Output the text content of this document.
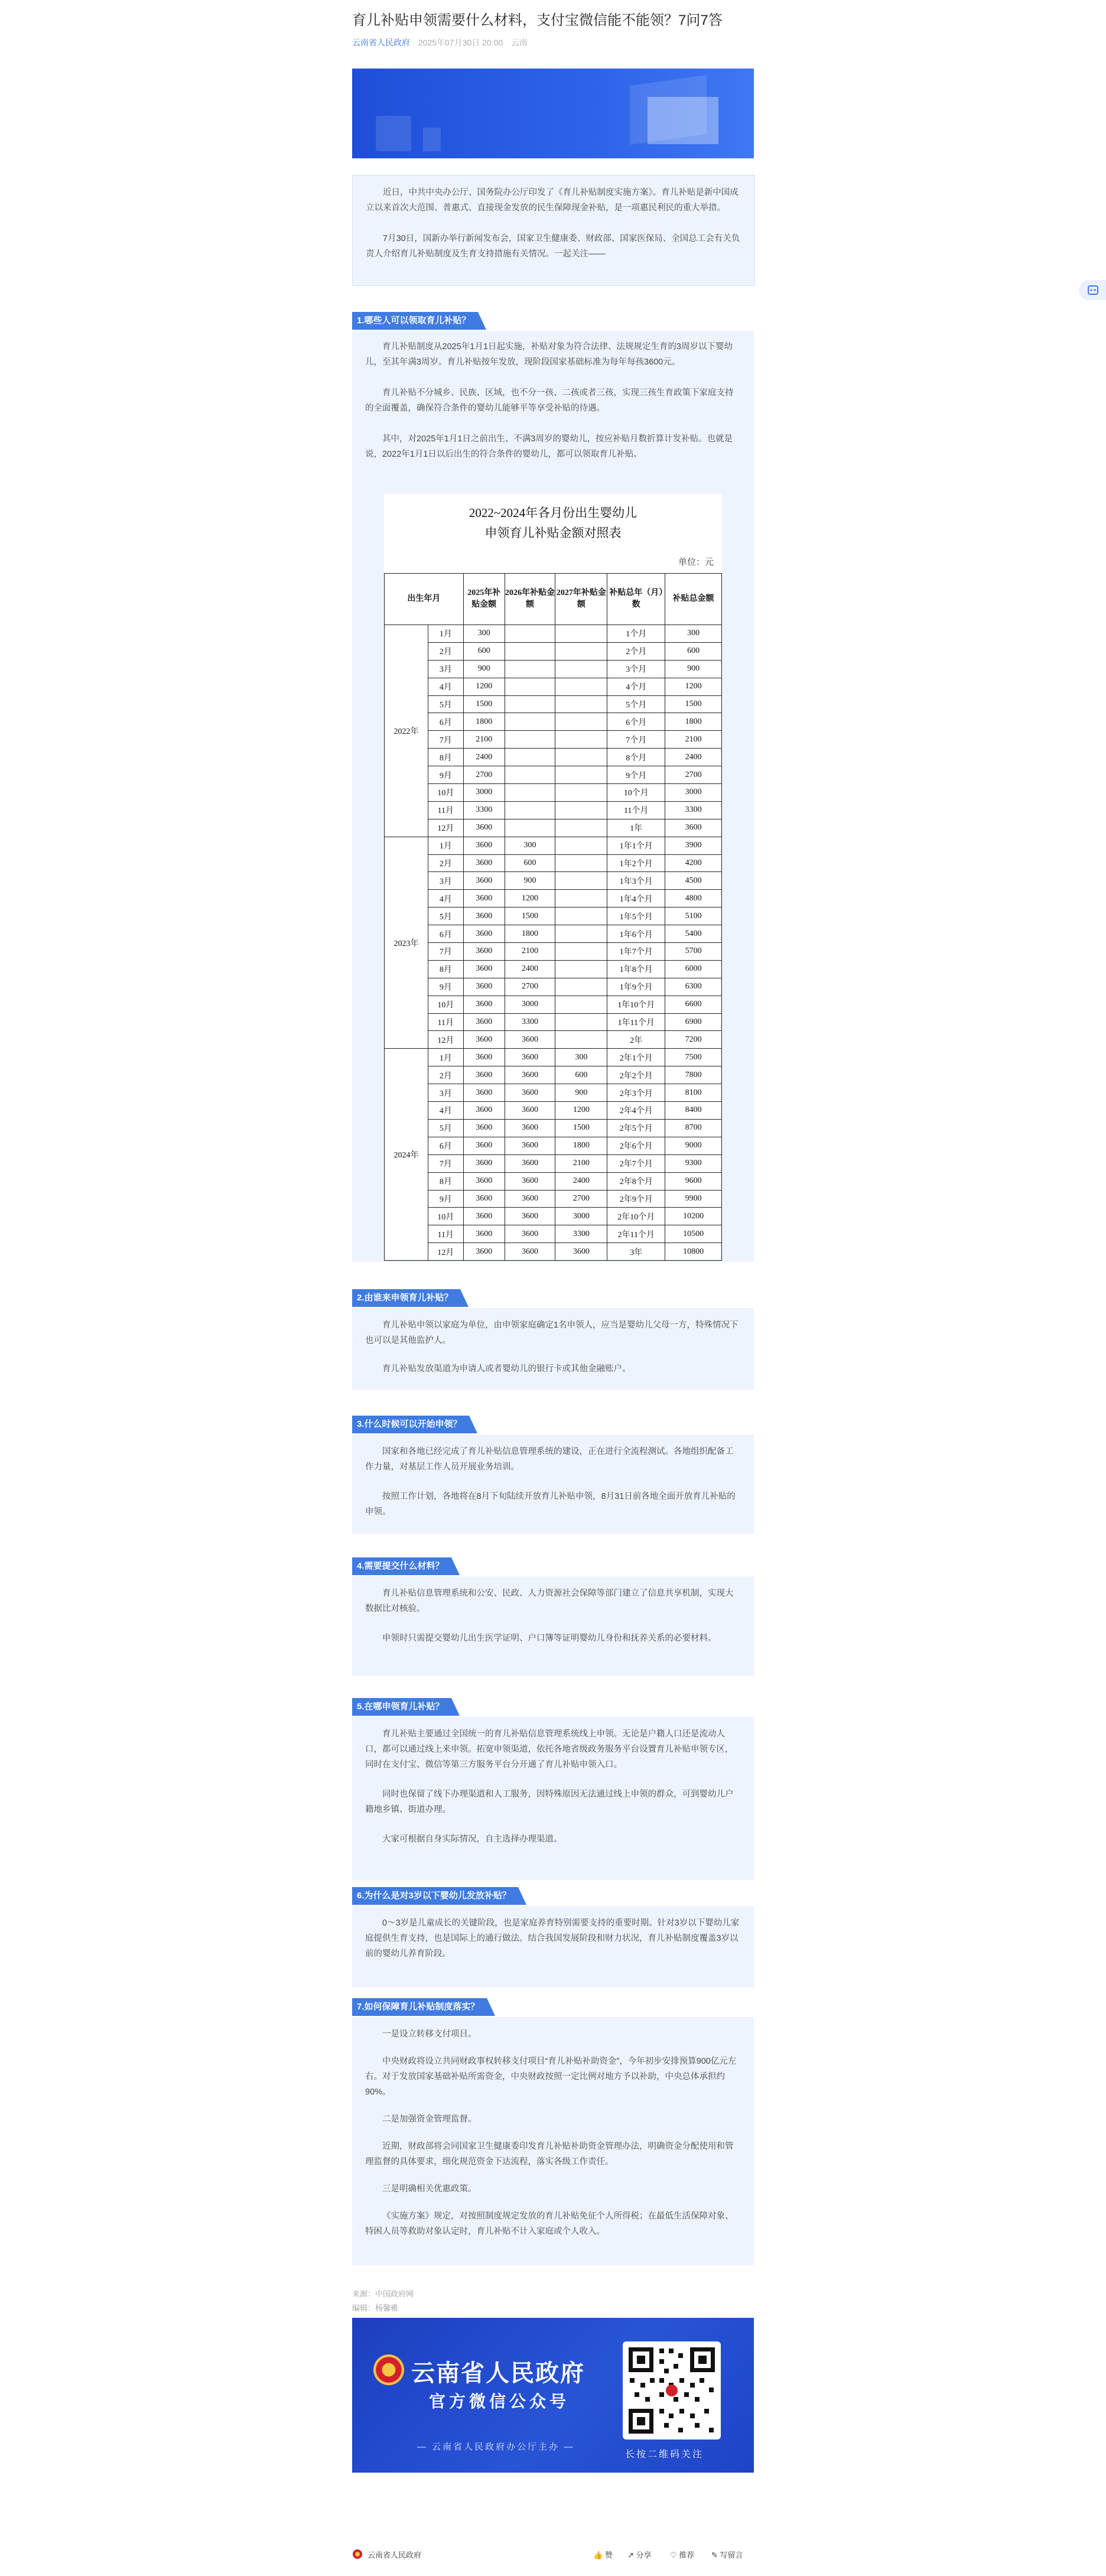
育儿补贴申领需要什么材料，支付宝微信能不能领？7问7答
云南省人民政府 2025年07月30日 20:00 云南

近日，中共中央办公厅、国务院办公厅印发了《育儿补贴制度实施方案》。育儿补贴是新中国成立以来首次大范围、普惠式、直接现金发放的民生保障现金补贴，是一项惠民利民的重大举措。

7月30日，国新办举行新闻发布会，国家卫生健康委、财政部、国家医保局、全国总工会有关负责人介绍育儿补贴制度及生育支持措施有关情况。一起关注——

1.哪些人可以领取育儿补贴？

育儿补贴制度从2025年1月1日起实施，补贴对象为符合法律、法规规定生育的3周岁以下婴幼儿，至其年满3周岁。育儿补贴按年发放，现阶段国家基础标准为每年每孩3600元。

育儿补贴不分城乡、民族、区域，也不分一孩、二孩或者三孩，实现三孩生育政策下家庭支持的全面覆盖，确保符合条件的婴幼儿能够平等享受补贴的待遇。

其中，对2025年1月1日之前出生、不满3周岁的婴幼儿，按应补贴月数折算计发补贴。也就是说，2022年1月1日以后出生的符合条件的婴幼儿，都可以领取育儿补贴。

2022~2024年各月份出生婴幼儿
申领育儿补贴金额对照表
单位：元
出生年月		2025年补贴金额	2026年补贴金额	2027年补贴金额	补贴总年（月）数	补贴总金额
2022年	1月	300			1个月	300
	2月	600			2个月	600
	3月	900			3个月	900
	4月	1200			4个月	1200
	5月	1500			5个月	1500
	6月	1800			6个月	1800
	7月	2100			7个月	2100
	8月	2400			8个月	2400
	9月	2700			9个月	2700
	10月	3000			10个月	3000
	11月	3300			11个月	3300
	12月	3600			1年	3600
2023年	1月	3600	300		1年1个月	3900
	2月	3600	600		1年2个月	4200
	3月	3600	900		1年3个月	4500
	4月	3600	1200		1年4个月	4800
	5月	3600	1500		1年5个月	5100
	6月	3600	1800		1年6个月	5400
	7月	3600	2100		1年7个月	5700
	8月	3600	2400		1年8个月	6000
	9月	3600	2700		1年9个月	6300
	10月	3600	3000		1年10个月	6600
	11月	3600	3300		1年11个月	6900
	12月	3600	3600		2年	7200
2024年	1月	3600	3600	300	2年1个月	7500
	2月	3600	3600	600	2年2个月	7800
	3月	3600	3600	900	2年3个月	8100
	4月	3600	3600	1200	2年4个月	8400
	5月	3600	3600	1500	2年5个月	8700
	6月	3600	3600	1800	2年6个月	9000
	7月	3600	3600	2100	2年7个月	9300
	8月	3600	3600	2400	2年8个月	9600
	9月	3600	3600	2700	2年9个月	9900
	10月	3600	3600	3000	2年10个月	10200
	11月	3600	3600	3300	2年11个月	10500
	12月	3600	3600	3600	3年	10800
2.由谁来申领育儿补贴？

育儿补贴申领以家庭为单位，由申领家庭确定1名申领人，应当是婴幼儿父母一方，特殊情况下也可以是其他监护人。

育儿补贴发放渠道为申请人或者婴幼儿的银行卡或其他金融账户。

3.什么时候可以开始申领？

国家和各地已经完成了育儿补贴信息管理系统的建设，正在进行全流程测试。各地组织配备工作力量，对基层工作人员开展业务培训。

按照工作计划，各地将在8月下旬陆续开放育儿补贴申领，8月31日前各地全面开放育儿补贴的申领。

4.需要提交什么材料？

育儿补贴信息管理系统和公安、民政、人力资源社会保障等部门建立了信息共享机制，实现大数据比对核验。

申领时只需提交婴幼儿出生医学证明、户口簿等证明婴幼儿身份和抚养关系的必要材料。

5.在哪申领育儿补贴？

育儿补贴主要通过全国统一的育儿补贴信息管理系统线上申领。无论是户籍人口还是流动人口，都可以通过线上来申领。拓宽申领渠道，依托各地省级政务服务平台设置育儿补贴申领专区，同时在支付宝、微信等第三方服务平台分开通了育儿补贴申领入口。

同时也保留了线下办理渠道和人工服务，因特殊原因无法通过线上申领的群众，可到婴幼儿户籍地乡镇、街道办理。

大家可根据自身实际情况，自主选择办理渠道。

6.为什么是对3岁以下婴幼儿发放补贴？

0～3岁是儿童成长的关键阶段，也是家庭养育特别需要支持的重要时期。针对3岁以下婴幼儿家庭提供生育支持，也是国际上的通行做法。结合我国发展阶段和财力状况，育儿补贴制度覆盖3岁以前的婴幼儿养育阶段。

7.如何保障育儿补贴制度落实？

一是设立转移支付项目。

中央财政将设立共同财政事权转移支付项目“育儿补贴补助资金”，今年初步安排预算900亿元左右。对于发放国家基础补贴所需资金，中央财政按照一定比例对地方予以补助，中央总体承担约90%。

二是加强资金管理监督。

近期，财政部将会同国家卫生健康委印发育儿补贴补助资金管理办法，明确资金分配使用和管理监督的具体要求，细化规范资金下达流程，落实各级工作责任。

三是明确相关优惠政策。

《实施方案》规定，对按照制度规定发放的育儿补贴免征个人所得税；在最低生活保障对象、特困人员等救助对象认定时，育儿补贴不计入家庭或个人收入。

来源：中国政府网
编辑：杨馨雅
云南省人民政府
官方微信公众号
— 云南省人民政府办公厅主办 —
长按二维码关注
云南省人民政府	👍 赞 ↗ 分享 ♡ 推荐 ✎ 写留言
